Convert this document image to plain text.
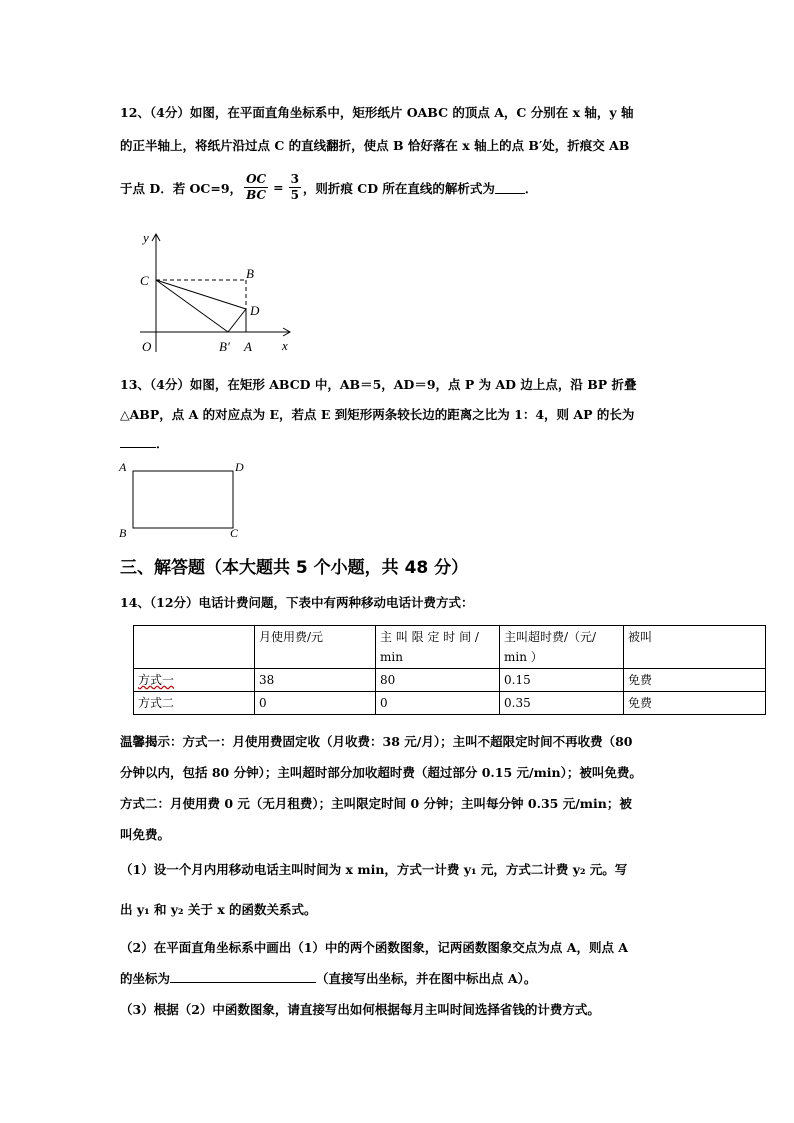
12、（4分）如图，在平面直角坐标系中，矩形纸片 OABC 的顶点 A，C 分别在 x 轴，y 轴
的正半轴上，将纸片沿过点 C 的直线翻折，使点 B 恰好落在 x 轴上的点 B′处，折痕交 AB
于点 D．若 OC=9， $\frac{OC}{BC} = \frac{3}{5}$ ，则折痕 CD 所在直线的解析式为 ．
y
x
O
C	B
D
B′ A
13、（4分）如图，在矩形 ABCD 中，AB＝5，AD＝9，点 P 为 AD 边上点，沿 BP 折叠
△ABP，点 A 的对应点为 E，若点 E 到矩形两条较长边的距离之比为 1：4，则 AP 的长为
．
A	D
B	C
三、解答题（本大题共 5 个小题，共 48 分）
14、（12分）电话计费问题，下表中有两种移动电话计费方式：
	月使用费/元	主 叫 限 定 时 间 / min	主叫超时费/（元/ min ）	被叫
方式一	38	80	0.15	免费
方式二	0	0	0.35	免费
温馨揭示：方式一：月使用费固定收（月收费：38 元/月）；主叫不超限定时间不再收费（80
分钟以内，包括 80 分钟）；主叫超时部分加收超时费（超过部分 0.15 元/min）；被叫免费。
方式二：月使用费 0 元（无月租费）；主叫限定时间 0 分钟；主叫每分钟 0.35 元/min；被
叫免费。
（1）设一个月内用移动电话主叫时间为 x min，方式一计费 y₁ 元，方式二计费 y₂ 元。写
出 y₁ 和 y₂ 关于 x 的函数关系式。
（2）在平面直角坐标系中画出（1）中的两个函数图象，记两函数图象交点为点 A，则点 A
的坐标为	（直接写出坐标，并在图中标出点 A）。
（3）根据（2）中函数图象，请直接写出如何根据每月主叫时间选择省钱的计费方式。
